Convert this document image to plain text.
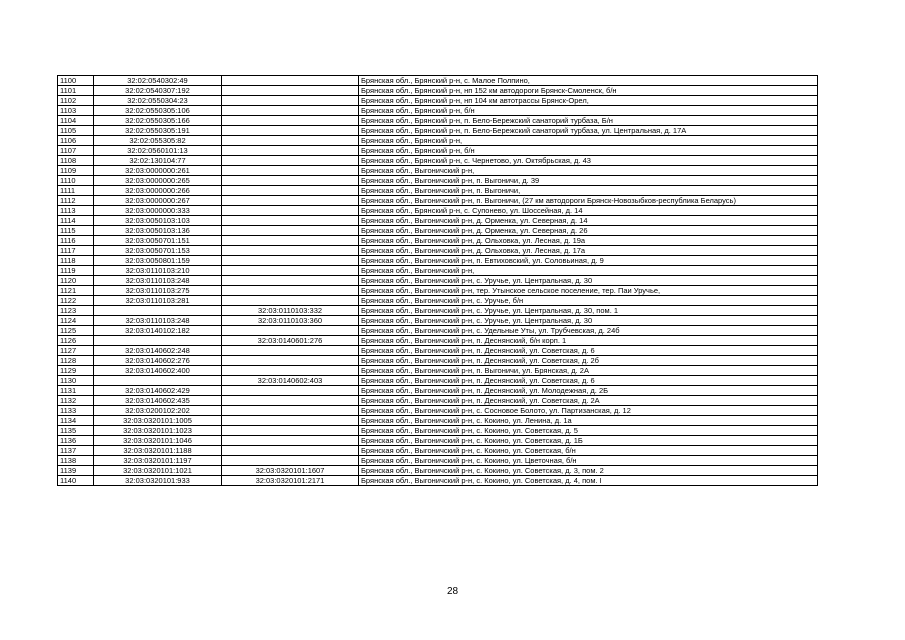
1100	32:02:0540302:49		Брянская обл., Брянский р-н, с. Малое Полпино,
1101	32:02:0540307:192		Брянская обл., Брянский р-н, нп 152 км автодороги Брянск-Смоленск, б/н
1102	32:02:0550304:23		Брянская обл., Брянский р-н, нп 104 км автотрассы Брянск-Орел,
1103	32:02:0550305:106		Брянская обл., Брянский р-н, б/н
1104	32:02:0550305:166		Брянская обл., Брянский р-н, п. Бело-Бережский санаторий турбаза, Б/н
1105	32:02:0550305:191		Брянская обл., Брянский р-н, п. Бело-Бережский санаторий турбаза, ул. Центральная, д. 17А
1106	32:02:055305:82		Брянская обл., Брянский р-н,
1107	32:02:0560101:13		Брянская обл., Брянский р-н, б/н
1108	32:02:130104:77		Брянская обл., Брянский р-н, с. Чернетово, ул. Октябрьская, д. 43
1109	32:03:0000000:261		Брянская обл., Выгоничский р-н,
1110	32:03:0000000:265		Брянская обл., Выгоничский р-н, п. Выгоничи, д. 39
1111	32:03:0000000:266		Брянская обл., Выгоничский р-н, п. Выгоничи,
1112	32:03:0000000:267		Брянская обл., Выгоничский р-н, п. Выгоничи, (27 км автодороги Брянск-Новозыбков-республика Беларусь)
1113	32:03:0000000:333		Брянская обл., Брянский р-н, с. Супонево, ул. Шоссейная, д. 14
1114	32:03:0050103:103		Брянская обл., Выгоничский р-н, д. Орменка, ул. Северная, д. 14
1115	32:03:0050103:136		Брянская обл., Выгоничский р-н, д. Орменка, ул. Северная, д. 26
1116	32:03:0050701:151		Брянская обл., Выгоничский р-н, д. Ольховка, ул. Лесная, д. 19а
1117	32:03:0050701:153		Брянская обл., Выгоничский р-н, д. Ольховка, ул. Лесная, д. 17а
1118	32:03:0050801:159		Брянская обл., Выгоничский р-н, п. Евтиховский, ул. Соловьиная, д. 9
1119	32:03:0110103:210		Брянская обл., Выгоничский р-н,
1120	32:03:0110103:248		Брянская обл., Выгоничский р-н, с. Уручье, ул. Центральная, д. 30
1121	32:03:0110103:275		Брянская обл., Выгоничский р-н, тер. Утынское сельское поселение, тер. Паи Уручье,
1122	32:03:0110103:281		Брянская обл., Выгоничский р-н, с. Уручье, б/н
1123		32:03:0110103:332	Брянская обл., Выгоничский р-н, с. Уручье, ул. Центральная, д. 30, пом. 1
1124	32:03:0110103:248	32:03:0110103:360	Брянская обл., Выгоничский р-н, с. Уручье, ул. Центральная, д. 30
1125	32:03:0140102:182		Брянская обл., Выгоничский р-н, с. Удельные Уты, ул. Трубчевская, д. 24б
1126		32:03:0140601:276	Брянская обл., Выгоничский р-н, п. Деснянский, б/н корп. 1
1127	32:03:0140602:248		Брянская обл., Выгоничский р-н, п. Деснянский, ул. Советская, д. 6
1128	32:03:0140602:276		Брянская обл., Выгоничский р-н, п. Деснянский, ул. Советская, д. 2б
1129	32:03:0140602:400		Брянская обл., Выгоничский р-н, п. Выгоничи, ул. Брянская, д. 2А
1130		32:03:0140602:403	Брянская обл., Выгоничский р-н, п. Деснянский, ул. Советская, д. 6
1131	32:03:0140602:429		Брянская обл., Выгоничский р-н, п. Деснянский, ул. Молодежная, д. 2Б
1132	32:03:0140602:435		Брянская обл., Выгоничский р-н, п. Деснянский, ул. Советская, д. 2А
1133	32:03:0200102:202		Брянская обл., Выгоничский р-н, с. Сосновое Болото, ул. Партизанская, д. 12
1134	32:03:0320101:1005		Брянская обл., Выгоничский р-н, с. Кокино, ул. Ленина, д. 1а
1135	32:03:0320101:1023		Брянская обл., Выгоничский р-н, с. Кокино, ул. Советская, д. 5
1136	32:03:0320101:1046		Брянская обл., Выгоничский р-н, с. Кокино, ул. Советская, д. 1Б
1137	32:03:0320101:1188		Брянская обл., Выгоничский р-н, с. Кокино, ул. Советская, б/н
1138	32:03:0320101:1197		Брянская обл., Выгоничский р-н, с. Кокино, ул. Цветочная, б/н
1139	32:03:0320101:1021	32:03:0320101:1607	Брянская обл., Выгоничский р-н, с. Кокино, ул. Советская, д. 3, пом. 2
1140	32:03:0320101:933	32:03:0320101:2171	Брянская обл., Выгоничский р-н, с. Кокино, ул. Советская, д. 4, пом. I
28
